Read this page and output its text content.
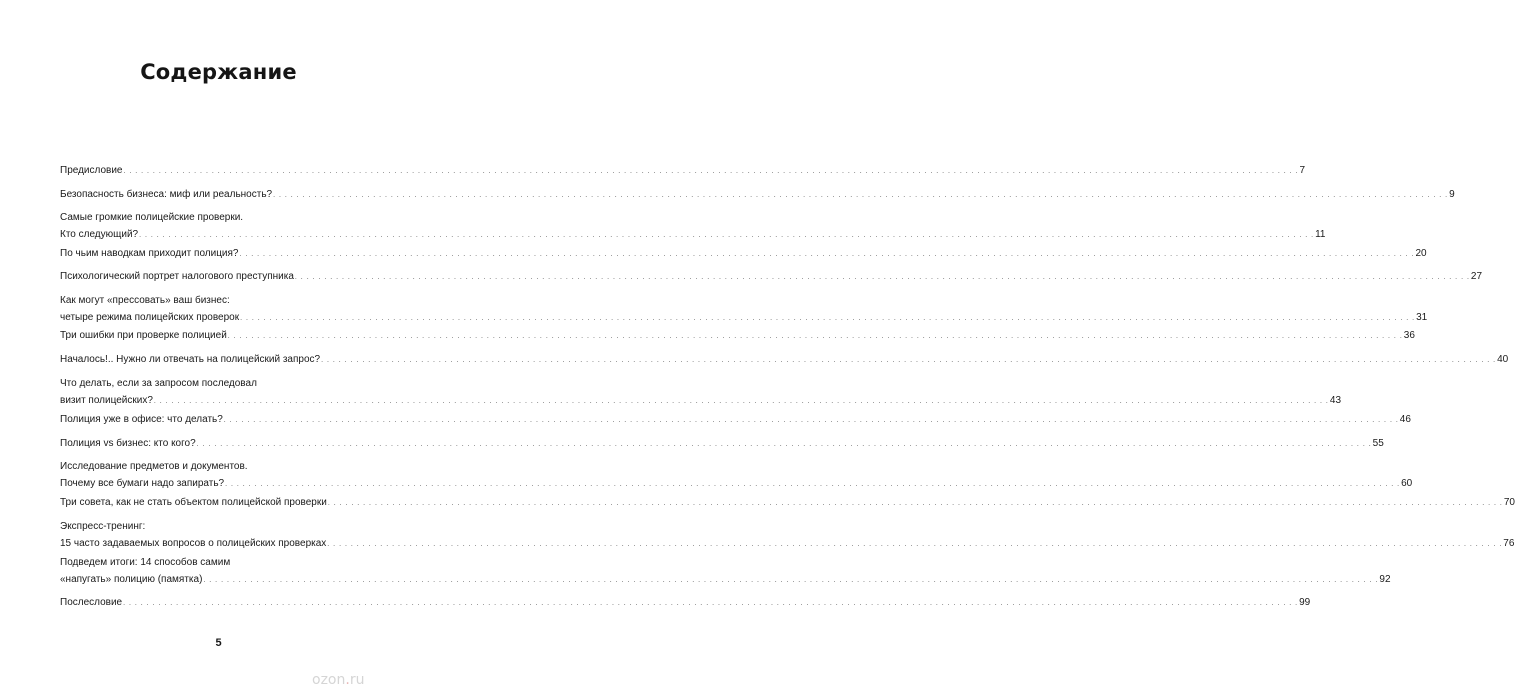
Содержание
Предисловие . . . . . . . . . . . . . . . . . . . . . . . . . . . . . . . . . . . . . . . . . . . . . . . . . . . . . . . . . . . . . . . . . . . . . . . . . . . . . . . . . . . . . . . . . . . . . . . . . . . . . . . . . . . . . . . . . . . . . . . . . . . . . . . . . . . . . . . . . . . . . . . . . . . . . . . . . . . . . . . . . . . . . . . . . . . . . . . . . . . . . . . . . . . . . . . . . . . . . . . . 7
Безопасность бизнеса: миф или реальность? . . . . . . . . . . . . . . . . . . . . . . . . . . . . . . . . . . . . . . . . . . . . . . . . . . . . . . . . . . . . . . . . . . . . . . . . . . . . . . . . . . . . . . . . . . . . . . . . . . . . . . . . . . . . . . . . . . . . . . . . . . . . . . . . . . . . . . . . . . . . . . . . . . . . . . . . . . . . . . . . . . . . . . . . . . . . . . . . . . . . . . . . . . . . . . . . . . . . . . . . 9
Самые громкие полицейские проверки.
Кто следующий? . . . . . . . . . . . . . . . . . . . . . . . . . . . . . . . . . . . . . . . . . . . . . . . . . . . . . . . . . . . . . . . . . . . . . . . . . . . . . . . . . . . . . . . . . . . . . . . . . . . . . . . . . . . . . . . . . . . . . . . . . . . . . . . . . . . . . . . . . . . . . . . . . . . . . . . . . . . . . . . . . . . . . . . . . . . . . . . . . . . . . . . . . . . . . . . . . . . . . . . . 11
По чьим наводкам приходит полиция? . . . . . . . . . . . . . . . . . . . . . . . . . . . . . . . . . . . . . . . . . . . . . . . . . . . . . . . . . . . . . . . . . . . . . . . . . . . . . . . . . . . . . . . . . . . . . . . . . . . . . . . . . . . . . . . . . . . . . . . . . . . . . . . . . . . . . . . . . . . . . . . . . . . . . . . . . . . . . . . . . . . . . . . . . . . . . . . . . . . . . . . . . . . . . . . . . . . . . . . . 20
Психологический портрет налогового преступника . . . . . . . . . . . . . . . . . . . . . . . . . . . . . . . . . . . . . . . . . . . . . . . . . . . . . . . . . . . . . . . . . . . . . . . . . . . . . . . . . . . . . . . . . . . . . . . . . . . . . . . . . . . . . . . . . . . . . . . . . . . . . . . . . . . . . . . . . . . . . . . . . . . . . . . . . . . . . . . . . . . . . . . . . . . . . . . . . . . . . . . . . . . . . . . . . . . . . . . . 27
Как могут «прессовать» ваш бизнес:
четыре режима полицейских проверок . . . . . . . . . . . . . . . . . . . . . . . . . . . . . . . . . . . . . . . . . . . . . . . . . . . . . . . . . . . . . . . . . . . . . . . . . . . . . . . . . . . . . . . . . . . . . . . . . . . . . . . . . . . . . . . . . . . . . . . . . . . . . . . . . . . . . . . . . . . . . . . . . . . . . . . . . . . . . . . . . . . . . . . . . . . . . . . . . . . . . . . . . . . . . . . . . . . . . . . . 31
Три ошибки при проверке полицией . . . . . . . . . . . . . . . . . . . . . . . . . . . . . . . . . . . . . . . . . . . . . . . . . . . . . . . . . . . . . . . . . . . . . . . . . . . . . . . . . . . . . . . . . . . . . . . . . . . . . . . . . . . . . . . . . . . . . . . . . . . . . . . . . . . . . . . . . . . . . . . . . . . . . . . . . . . . . . . . . . . . . . . . . . . . . . . . . . . . . . . . . . . . . . . . . . . . . . . . 36
Началось!.. Нужно ли отвечать на полицейский запрос? . . . . . . . . . . . . . . . . . . . . . . . . . . . . . . . . . . . . . . . . . . . . . . . . . . . . . . . . . . . . . . . . . . . . . . . . . . . . . . . . . . . . . . . . . . . . . . . . . . . . . . . . . . . . . . . . . . . . . . . . . . . . . . . . . . . . . . . . . . . . . . . . . . . . . . . . . . . . . . . . . . . . . . . . . . . . . . . . . . . . . . . . . . . . . . . . . . . . . . . . 40
Что делать, если за запросом последовал
визит полицейских? . . . . . . . . . . . . . . . . . . . . . . . . . . . . . . . . . . . . . . . . . . . . . . . . . . . . . . . . . . . . . . . . . . . . . . . . . . . . . . . . . . . . . . . . . . . . . . . . . . . . . . . . . . . . . . . . . . . . . . . . . . . . . . . . . . . . . . . . . . . . . . . . . . . . . . . . . . . . . . . . . . . . . . . . . . . . . . . . . . . . . . . . . . . . . . . . . . . . . . . . 43
Полиция уже в офисе: что делать? . . . . . . . . . . . . . . . . . . . . . . . . . . . . . . . . . . . . . . . . . . . . . . . . . . . . . . . . . . . . . . . . . . . . . . . . . . . . . . . . . . . . . . . . . . . . . . . . . . . . . . . . . . . . . . . . . . . . . . . . . . . . . . . . . . . . . . . . . . . . . . . . . . . . . . . . . . . . . . . . . . . . . . . . . . . . . . . . . . . . . . . . . . . . . . . . . . . . . . . . 46
Полиция vs бизнес: кто кого? . . . . . . . . . . . . . . . . . . . . . . . . . . . . . . . . . . . . . . . . . . . . . . . . . . . . . . . . . . . . . . . . . . . . . . . . . . . . . . . . . . . . . . . . . . . . . . . . . . . . . . . . . . . . . . . . . . . . . . . . . . . . . . . . . . . . . . . . . . . . . . . . . . . . . . . . . . . . . . . . . . . . . . . . . . . . . . . . . . . . . . . . . . . . . . . . . . . . . . . . 55
Исследование предметов и документов.
Почему все бумаги надо запирать? . . . . . . . . . . . . . . . . . . . . . . . . . . . . . . . . . . . . . . . . . . . . . . . . . . . . . . . . . . . . . . . . . . . . . . . . . . . . . . . . . . . . . . . . . . . . . . . . . . . . . . . . . . . . . . . . . . . . . . . . . . . . . . . . . . . . . . . . . . . . . . . . . . . . . . . . . . . . . . . . . . . . . . . . . . . . . . . . . . . . . . . . . . . . . . . . . . . . . . . . 60
Три совета, как не стать объектом полицейской проверки . . . . . . . . . . . . . . . . . . . . . . . . . . . . . . . . . . . . . . . . . . . . . . . . . . . . . . . . . . . . . . . . . . . . . . . . . . . . . . . . . . . . . . . . . . . . . . . . . . . . . . . . . . . . . . . . . . . . . . . . . . . . . . . . . . . . . . . . . . . . . . . . . . . . . . . . . . . . . . . . . . . . . . . . . . . . . . . . . . . . . . . . . . . . . . . . . . . . . . . . 70
Экспресс-тренинг:
15 часто задаваемых вопросов о полицейских проверках . . . . . . . . . . . . . . . . . . . . . . . . . . . . . . . . . . . . . . . . . . . . . . . . . . . . . . . . . . . . . . . . . . . . . . . . . . . . . . . . . . . . . . . . . . . . . . . . . . . . . . . . . . . . . . . . . . . . . . . . . . . . . . . . . . . . . . . . . . . . . . . . . . . . . . . . . . . . . . . . . . . . . . . . . . . . . . . . . . . . . . . . . . . . . . . . . . . . . . . . 76
Подведем итоги: 14 способов самим
«напугать» полицию (памятка) . . . . . . . . . . . . . . . . . . . . . . . . . . . . . . . . . . . . . . . . . . . . . . . . . . . . . . . . . . . . . . . . . . . . . . . . . . . . . . . . . . . . . . . . . . . . . . . . . . . . . . . . . . . . . . . . . . . . . . . . . . . . . . . . . . . . . . . . . . . . . . . . . . . . . . . . . . . . . . . . . . . . . . . . . . . . . . . . . . . . . . . . . . . . . . . . . . . . . . . . 92
Послесловие . . . . . . . . . . . . . . . . . . . . . . . . . . . . . . . . . . . . . . . . . . . . . . . . . . . . . . . . . . . . . . . . . . . . . . . . . . . . . . . . . . . . . . . . . . . . . . . . . . . . . . . . . . . . . . . . . . . . . . . . . . . . . . . . . . . . . . . . . . . . . . . . . . . . . . . . . . . . . . . . . . . . . . . . . . . . . . . . . . . . . . . . . . . . . . . . . . . . . . . . 99
5
ozon.ru
